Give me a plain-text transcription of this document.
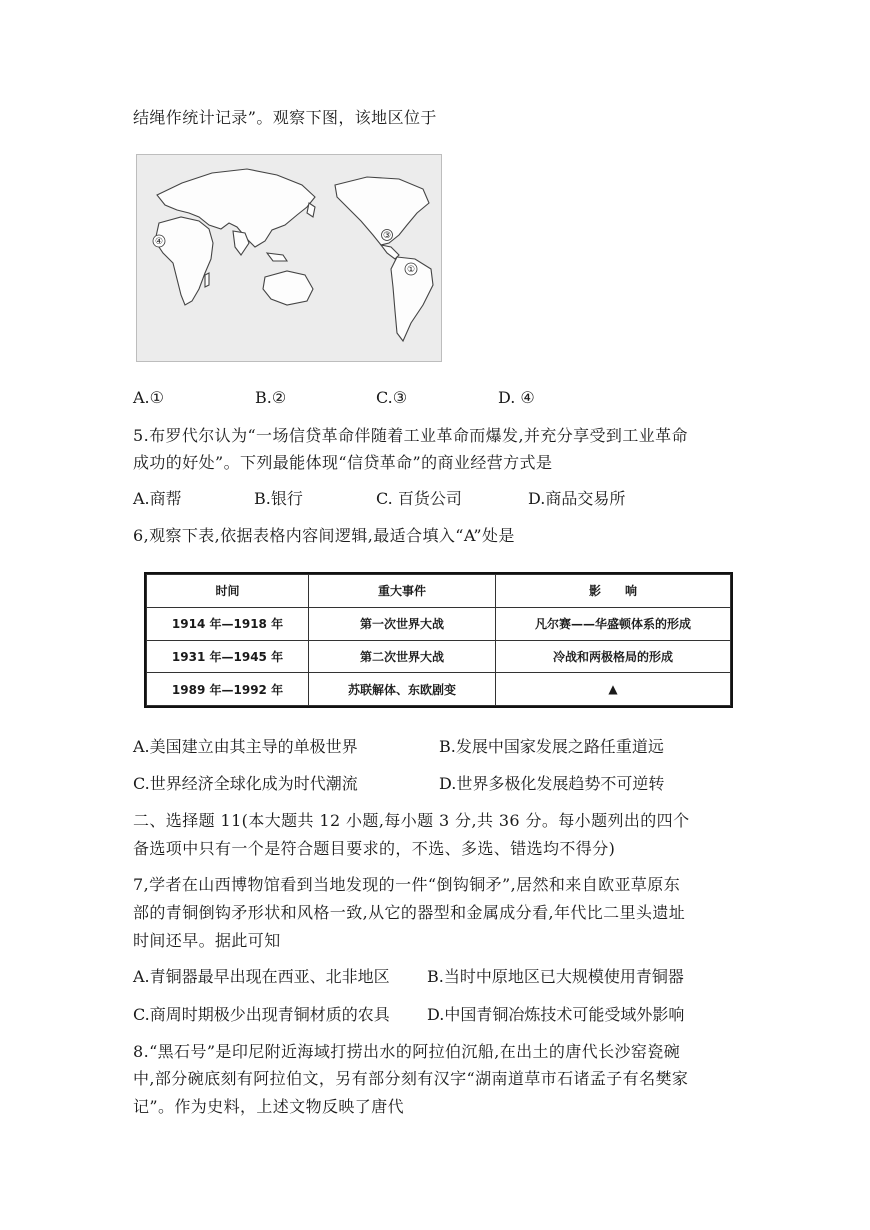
结绳作统计记录”。观察下图，该地区位于
④
③
①
A.①	B.②	C.③	D. ④
5.布罗代尔认为“一场信贷革命伴随着工业革命而爆发,并充分享受到工业革命
成功的好处”。下列最能体现“信贷革命”的商业经营方式是
A.商帮	B.银行	C. 百货公司	D.商品交易所
6,观察下表,依据表格内容间逻辑,最适合填入“A”处是
时间	重大事件	影　　响
1914 年—1918 年	第一次世界大战	凡尔赛——华盛顿体系的形成
1931 年—1945 年	第二次世界大战	冷战和两极格局的形成
1989 年—1992 年	苏联解体、东欧剧变	▲
A.美国建立由其主导的单极世界	B.发展中国家发展之路任重道远
C.世界经济全球化成为时代潮流	D.世界多极化发展趋势不可逆转
二、选择题 11(本大题共 12 小题,每小题 3 分,共 36 分。每小题列出的四个
备选项中只有一个是符合题目要求的，不选、多选、错选均不得分)
7,学者在山西博物馆看到当地发现的一件“倒钩铜矛”,居然和来自欧亚草原东
部的青铜倒钩矛形状和风格一致,从它的器型和金属成分看,年代比二里头遗址
时间还早。据此可知
A.青铜器最早出现在西亚、北非地区 B.当时中原地区已大规模使用青铜器
C.商周时期极少出现青铜材质的农具 D.中国青铜冶炼技术可能受域外影响
8.“黑石号”是印尼附近海域打捞出水的阿拉伯沉船,在出土的唐代长沙窑瓷碗
中,部分碗底刻有阿拉伯文，另有部分刻有汉字“湖南道草市石诸孟子有名樊家
记”。作为史料，上述文物反映了唐代
